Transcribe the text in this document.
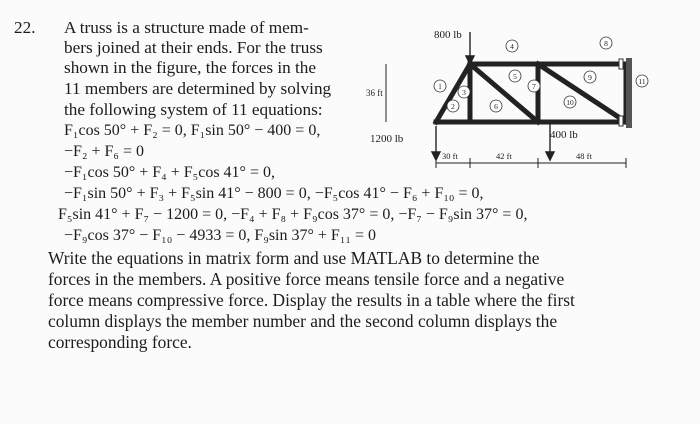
22. A truss is a structure made of mem-
bers joined at their ends. For the truss
shown in the figure, the forces in the
11 members are determined by solving
the following system of 11 equations:
F₁cos 50° + F₂ = 0, F₁sin 50° − 400 = 0,
−F₂ + F₆ = 0
−F₁cos 50° + F₄ + F₅cos 41° = 0,
−F₁sin 50° + F₃ + F₅sin 41° − 800 = 0, −F₅cos 41° − F₆ + F₁₀ = 0,
F₅sin 41° + F₇ − 1200 = 0, −F₄ + F₈ + F₉cos 37° = 0, −F₇ − F₉sin 37° = 0,
−F₉cos 37° − F₁₀ − 4933 = 0, F₉sin 37° + F₁₁ = 0
Write the equations in matrix form and use MATLAB to determine the
forces in the members. A positive force means tensile force and a negative
force means compressive force. Display the results in a table where the first
column displays the member number and the second column displays the
corresponding force.
800 lb
1200 lb	400 lb
36 ft
30 ft	42 ft	48 ft
1
2
3
4
5
6
7
8
9
10
11
